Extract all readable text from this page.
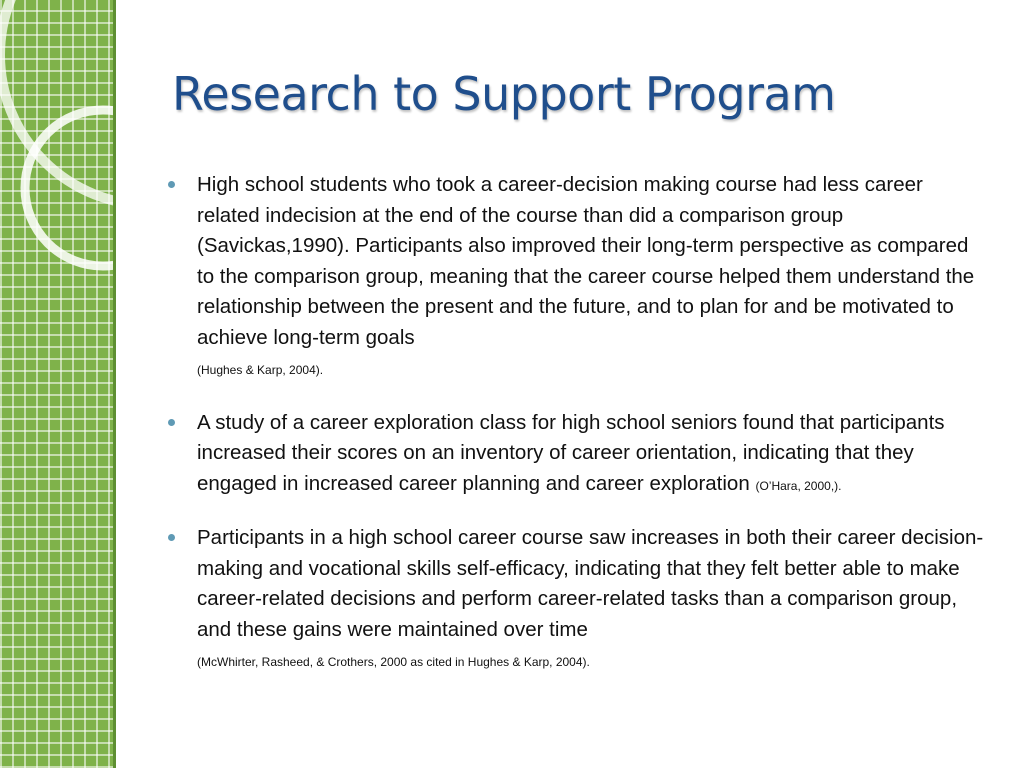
Research to Support Program
High school students who took a career-decision making course had less career related indecision at the end of the course than did a comparison group (Savickas,1990). Participants also improved their long-term perspective as compared to the comparison group, meaning that the career course helped them understand the relationship between the present and the future, and to plan for and be motivated to achieve long-term goals
(Hughes & Karp, 2004).
A study of a career exploration class for high school seniors found that participants increased their scores on an inventory of career orientation, indicating that they engaged in increased career planning and career exploration (O’Hara, 2000,).
Participants in a high school career course saw increases in both their career decision-making and vocational skills self-efficacy, indicating that they felt better able to make career-related decisions and perform career-related tasks than a comparison group, and these gains were maintained over time
(McWhirter, Rasheed, & Crothers, 2000 as cited in Hughes & Karp, 2004).
